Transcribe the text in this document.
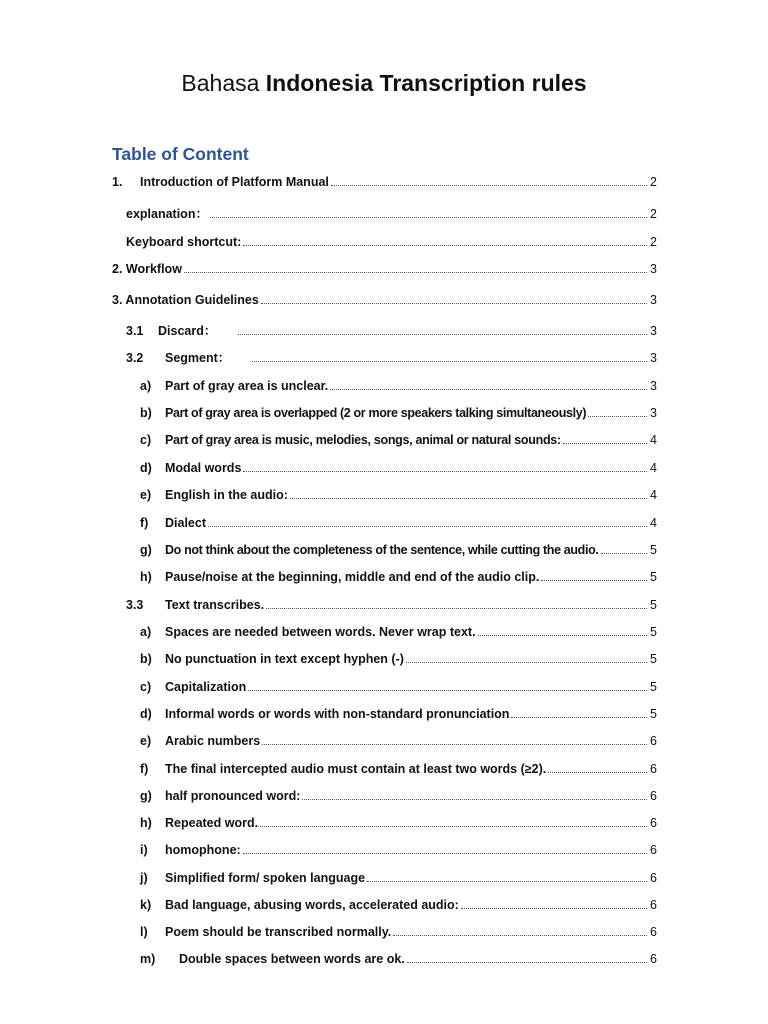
Bahasa Indonesia Transcription rules
Table of Content
1.	Introduction of Platform Manual	2
explanation：	2
Keyboard shortcut:	2
2. Workflow	3
3. Annotation Guidelines	3
3.1	Discard：	3
3.2	Segment：	3
a)	Part of gray area is unclear.	3
b)	Part of gray area is overlapped (2 or more speakers talking simultaneously)	3
c)	Part of gray area is music, melodies, songs, animal or natural sounds:	4
d)	Modal words	4
e)	English in the audio:	4
f)	Dialect	4
g)	Do not think about the completeness of the sentence, while cutting the audio.	5
h)	Pause/noise at the beginning, middle and end of the audio clip.	5
3.3	Text transcribes.	5
a)	Spaces are needed between words. Never wrap text.	5
b)	No punctuation in text except hyphen (-)	5
c)	Capitalization	5
d)	Informal words or words with non-standard pronunciation	5
e)	Arabic numbers	6
f)	The final intercepted audio must contain at least two words (≥2).	6
g)	half pronounced word:	6
h)	Repeated word.	6
i)	homophone:	6
j)	Simplified form/ spoken language	6
k)	Bad language, abusing words, accelerated audio:	6
l)	Poem should be transcribed normally.	6
m)	Double spaces between words are ok.	6
